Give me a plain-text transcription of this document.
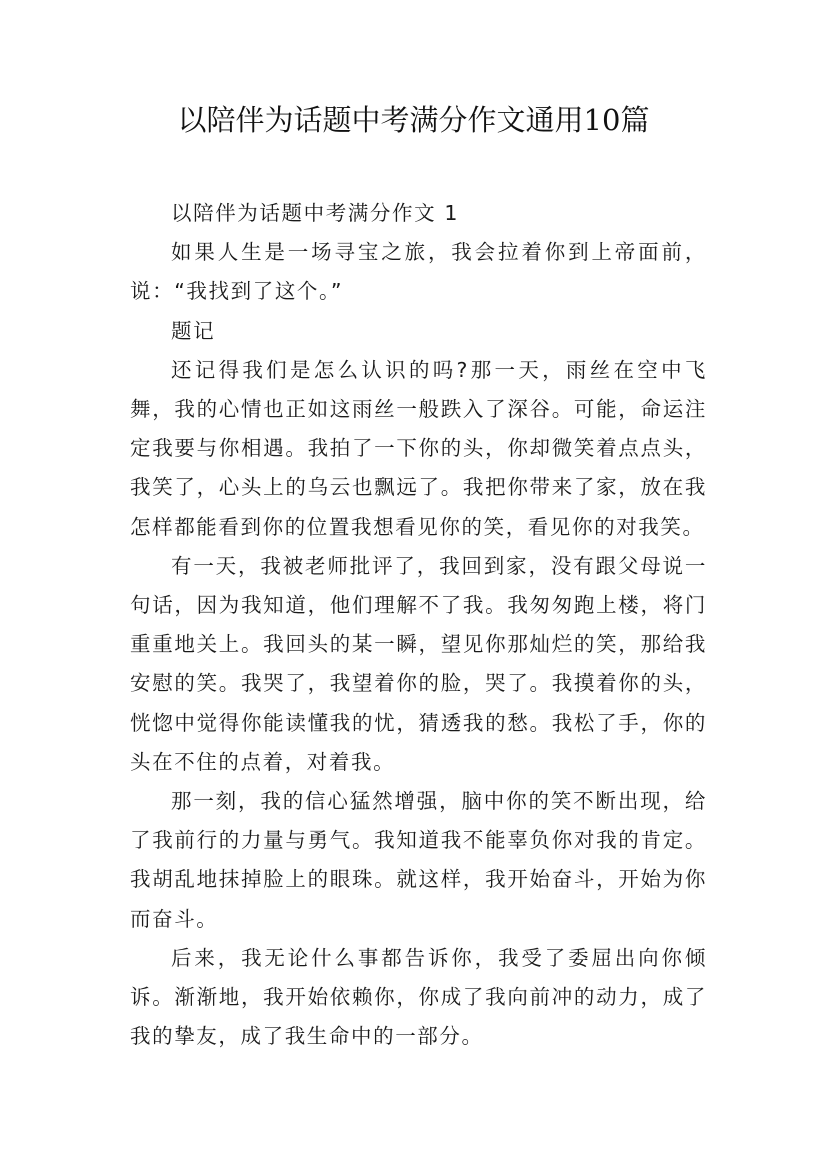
以陪伴为话题中考满分作文通用10篇

以陪伴为话题中考满分作文 1

如果人生是一场寻宝之旅，我会拉着你到上帝面前，说：“我找到了这个。”

题记

还记得我们是怎么认识的吗?那一天，雨丝在空中飞舞，我的心情也正如这雨丝一般跌入了深谷。可能，命运注定我要与你相遇。我拍了一下你的头，你却微笑着点点头，我笑了，心头上的乌云也飘远了。我把你带来了家，放在我怎样都能看到你的位置我想看见你的笑，看见你的对我笑。

有一天，我被老师批评了，我回到家，没有跟父母说一句话，因为我知道，他们理解不了我。我匆匆跑上楼，将门重重地关上。我回头的某一瞬，望见你那灿烂的笑，那给我安慰的笑。我哭了，我望着你的脸，哭了。我摸着你的头，恍惚中觉得你能读懂我的忧，猜透我的愁。我松了手，你的头在不住的点着，对着我。

那一刻，我的信心猛然增强，脑中你的笑不断出现，给了我前行的力量与勇气。我知道我不能辜负你对我的肯定。我胡乱地抹掉脸上的眼珠。就这样，我开始奋斗，开始为你而奋斗。

后来，我无论什么事都告诉你，我受了委屈出向你倾诉。渐渐地，我开始依赖你，你成了我向前冲的动力，成了我的挚友，成了我生命中的一部分。
